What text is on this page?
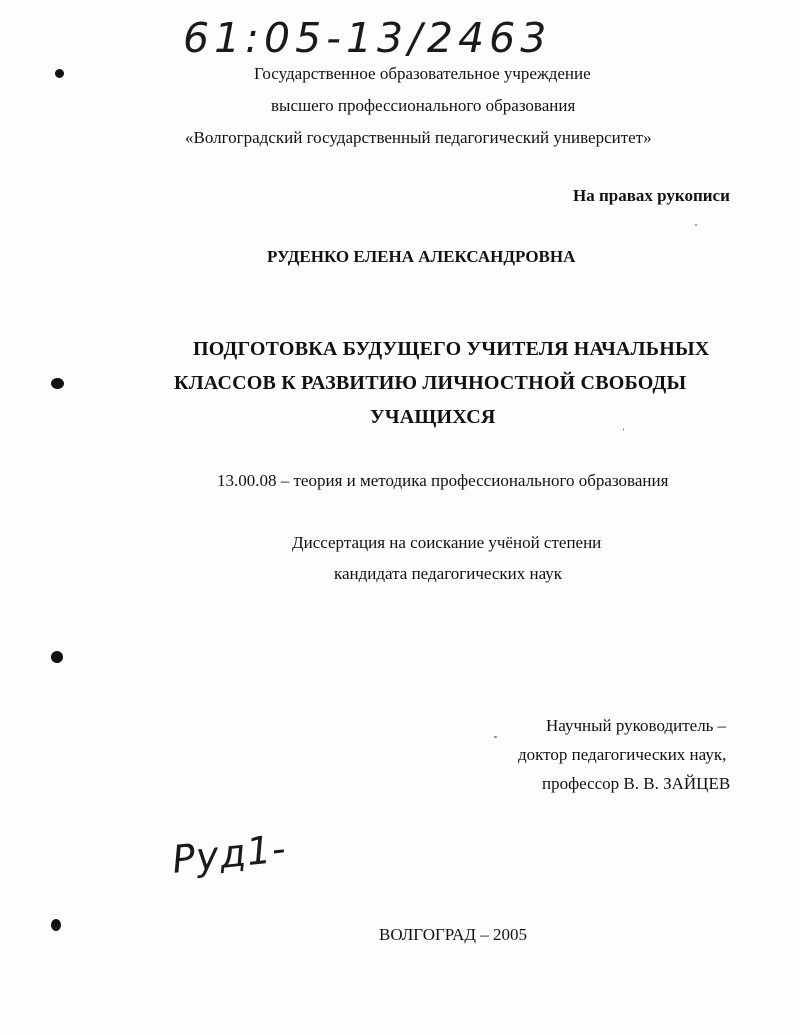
61:05-13/2463
Государственное образовательное учреждение
высшего профессионального образования
«Волгоградский государственный педагогический университет»
На правах рукописи
РУДЕНКО ЕЛЕНА АЛЕКСАНДРОВНА
ПОДГОТОВКА БУДУЩЕГО УЧИТЕЛЯ НАЧАЛЬНЫХ
КЛАССОВ К РАЗВИТИЮ ЛИЧНОСТНОЙ СВОБОДЫ
УЧАЩИХСЯ
13.00.08 – теория и методика профессионального образования
Диссертация на соискание учёной степени
кандидата педагогических наук
Научный руководитель –
доктор педагогических наук,
профессор В. В. ЗАЙЦЕВ
Руд1-
ВОЛГОГРАД – 2005
